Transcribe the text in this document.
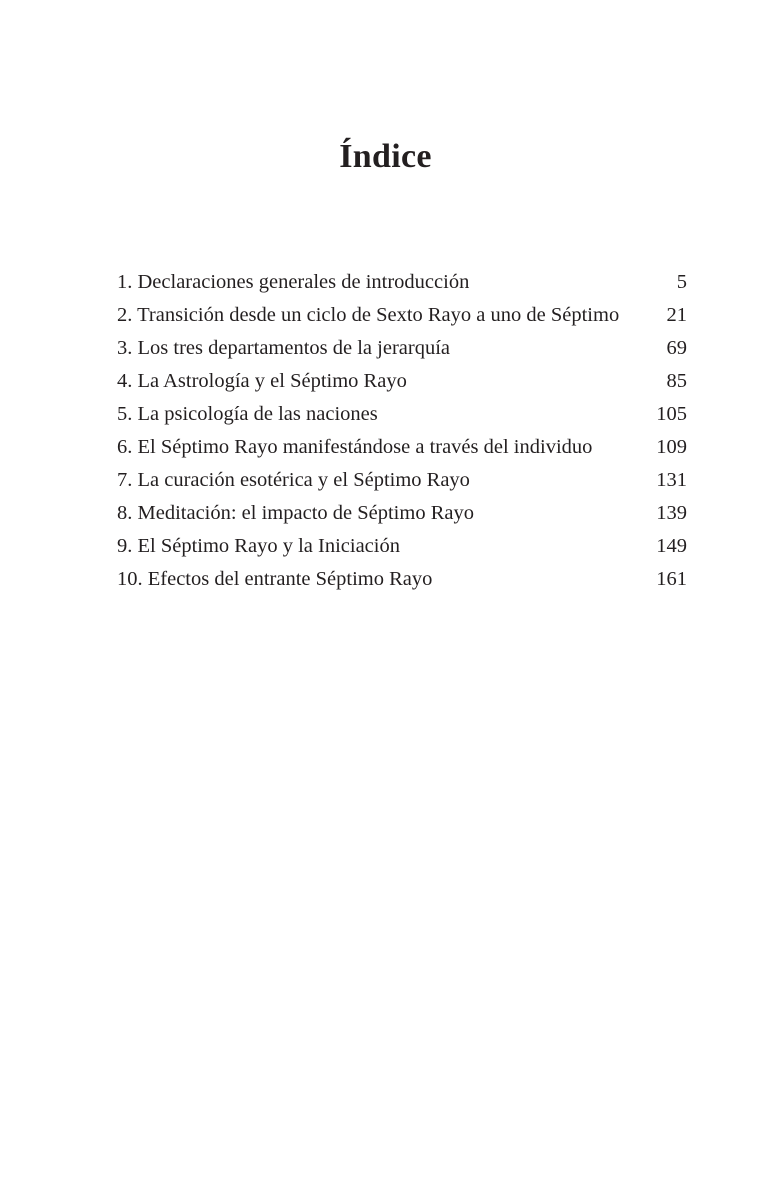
Índice
1. Declaraciones generales de introducción	5
2. Transición desde un ciclo de Sexto Rayo a uno de Séptimo	21
3. Los tres departamentos de la jerarquía	69
4. La Astrología y el Séptimo Rayo	85
5. La psicología de las naciones	105
6. El Séptimo Rayo manifestándose a través del individuo	109
7. La curación esotérica y el Séptimo Rayo	131
8. Meditación: el impacto de Séptimo Rayo	139
9. El Séptimo Rayo y la Iniciación	149
10. Efectos del entrante Séptimo Rayo	161
